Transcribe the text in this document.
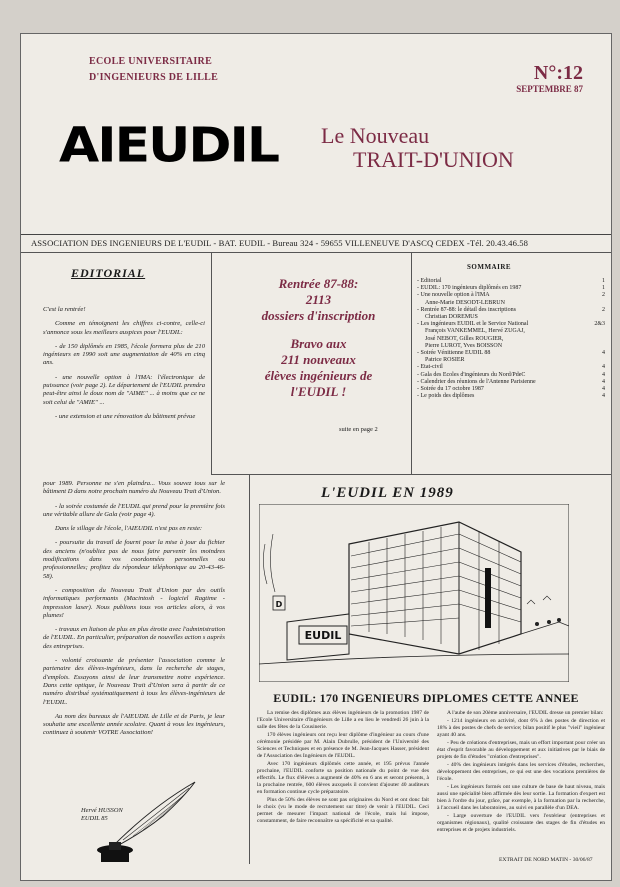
ECOLE UNIVERSITAIRE
D'INGENIEURS DE LILLE	N°:12
SEPTEMBRE 87
AIEUDIL Le Nouveau
TRAIT-D'UNION
ASSOCIATION DES INGENIEURS DE L'EUDIL - BAT. EUDIL - Bureau 324 - 59655 VILLENEUVE D'ASCQ CEDEX -Tél. 20.43.46.58
EDITORIAL

C'est la rentrée!

Comme en témoignent les chiffres ci-contre, celle-ci s'annonce sous les meilleurs auspices pour l'EUDIL:

- de 150 diplômés en 1985, l'école formera plus de 210 ingénieurs en 1990 soit une augmentation de 40% en cinq ans.

- une nouvelle option à l'IMA: l'électronique de puissance (voir page 2). Le département de l'EUDIL prendra peut-être ainsi le doux nom de "AIME" ... à moins que ce ne soit celui de "AMIE" ...

- une extension et une rénovation du bâtiment prévue

pour 1989. Personne ne s'en plaindra... Vous souvez tous sur le bâtiment D dans notre prochain numéro du Nouveau Trait d'Union.

- la soirée costumée de l'EUDIL qui prend pour la première fois une véritable allure de Gala (voir page 4).

Dans le sillage de l'école, l'AIEUDIL n'est pas en reste:

- poursuite du travail de fourni pour la mise à jour du fichier des anciens (n'oubliez pas de nous faire parvenir les moindres modifications dans vos coordonnées personnelles ou professionnelles; profitez du répondeur téléphonique au 20-43-46-58).

- composition du Nouveau Trait d'Union par des outils informatiques performants (Macintosh - logiciel Ragtime - impression laser). Nous publions tous vos articles alors, à vos plumes!

- travaux en liaison de plus en plus étroite avec l'administration de l'EUDIL. En particulier, préparation de nouvelles action s auprès des entreprises.

- volonté croissante de présenter l'association comme le partenaire des élèves-ingénieurs, dans la recherche de stages, d'emplois. Essayons ainsi de leur transmettre notre expérience. Dans cette optique, le Nouveau Trait d'Union sera à partir de ce numéro distribué systématiquement à tous les élèves-ingénieurs de l'EUDIL.

Au nom des bureaux de l'AIEUDIL de Lille et de Paris, je leur souhaite une excellente année scolaire. Quant à vous les ingénieurs, continuez à soutenir VOTRE Association!

Hervé HUSSON
EUDIL 85
Rentrée 87-88:
2113
dossiers d'inscription
Bravo aux
211 nouveaux
élèves ingénieurs de
l'EUDIL !
suite en page 2
SOMMAIRE
- Editorial	1
- EUDIL: 170 ingénieurs diplômés en 1987	1
- Une nouvelle option à l'IMA	2
Anne-Marie DESODT-LEBRUN
- Rentrée 87-88: le détail des inscriptions	2
Christian DOREMUS
- Les ingénieurs EUDIL et le Service National	2&3
François VANKEMMEL, Hervé ZUGAJ,
José NEBOT, Gilles ROUGIER,
Pierre LUROT, Yves BOISSON
- Soirée Vénitienne EUDIL 88	4
Patrice ROSIER
- Etat-civil	4
- Gala des Ecoles d'ingénieurs du Nord/PdeC	4
- Calendrier des réunions de l'Antenne Parisienne	4
- Soirée du 17 octobre 1987	4
- Le poids des diplômes	4
L'EUDIL EN 1989
EUDIL
D
EUDIL: 170 INGENIEURS DIPLOMES CETTE ANNEE

La remise des diplômes aux élèves ingénieurs de la promotion 1987 de l'Ecole Universitaire d'Ingénieurs de Lille a eu lieu le vendredi 26 juin à la salle des fêtes de la Cousinerie.

170 élèves ingénieurs ont reçu leur diplôme d'ingénieur au cours d'une cérémonie présidée par M. Alain Dubrulle, président de l'Université des Sciences et Techniques et en présence de M. Jean-Jacques Hasser, président de l'Association des Ingénieurs de l'EUDIL.

Avec 170 ingénieurs diplômés cette année, et 195 prévus l'année prochaine, l'EUDIL conforte sa position nationale du point de vue des effectifs. Le flux d'élèves a augmenté de 40% en 6 ans et seront présents, à la prochaine rentrée, 600 élèves auxquels il convient d'ajouter 40 auditeurs en formation continue cycle préparatoire.

Plus de 50% des élèves ne sont pas originaires du Nord et ont donc fait le choix (vu le mode de recrutement sur titre) de venir à l'EUDIL. Ceci permet de mesurer l'impact national de l'école, mais lui impose, constamment, de faire reconnaître sa spécificité et sa qualité.

A l'aube de son 20ème anniversaire, l'EUDIL dresse un premier bilan:

- 1214 ingénieurs en activité, dont 6% à des postes de direction et 18% à des postes de chefs de service; bilan positif le plus "vieil" ingénieur ayant 40 ans.

- Peu de créations d'entreprises, mais un effort important pour créer un état d'esprit favorable au développement et aux initiatives par le biais de projets de fin d'études "création d'entreprises".

- 40% des ingénieurs intégrés dans les services d'études, recherches, développement des entreprises, ce qui est une des vocations premières de l'école.

- Les ingénieurs formés ont une culture de base de haut niveau, mais aussi une spécialité bien affirmée dès leur sortie. La formation d'expert est bien à l'ordre du jour, grâce, par exemple, à la formation par la recherche, à l'accueil dans les laboratoires, au suivi en parallèle d'un DEA.

- Large ouverture de l'EUDIL vers l'extérieur (entreprises et organismes régionaux), qualité croissante des stages de fin d'études en entreprises et de projets industriels.

EXTRAIT DE NORD MATIN - 30/06/87
